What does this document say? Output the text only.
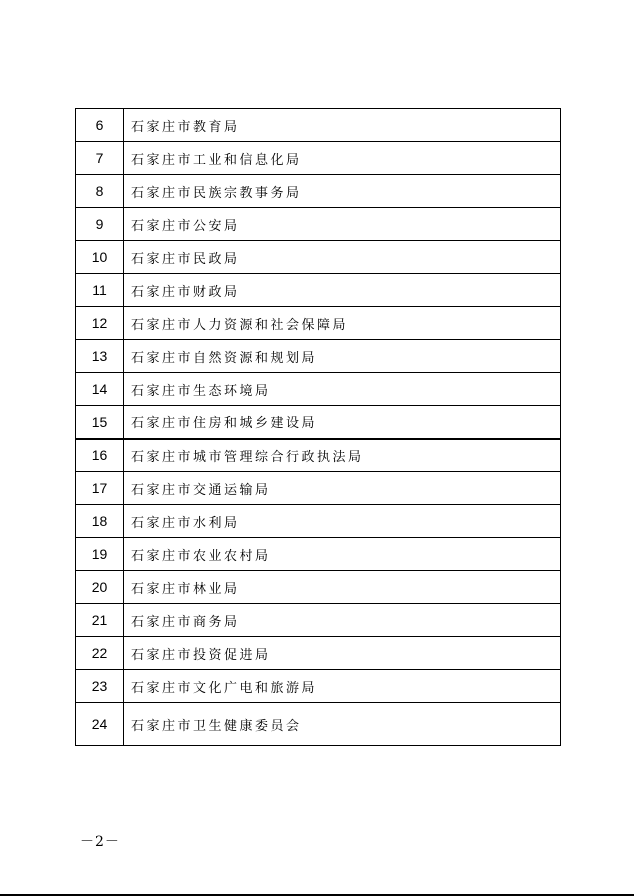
6	石家庄市教育局
7	石家庄市工业和信息化局
8	石家庄市民族宗教事务局
9	石家庄市公安局
10	石家庄市民政局
11	石家庄市财政局
12	石家庄市人力资源和社会保障局
13	石家庄市自然资源和规划局
14	石家庄市生态环境局
15	石家庄市住房和城乡建设局
16	石家庄市城市管理综合行政执法局
17	石家庄市交通运输局
18	石家庄市水利局
19	石家庄市农业农村局
20	石家庄市林业局
21	石家庄市商务局
22	石家庄市投资促进局
23	石家庄市文化广电和旅游局
24	石家庄市卫生健康委员会
－2－
